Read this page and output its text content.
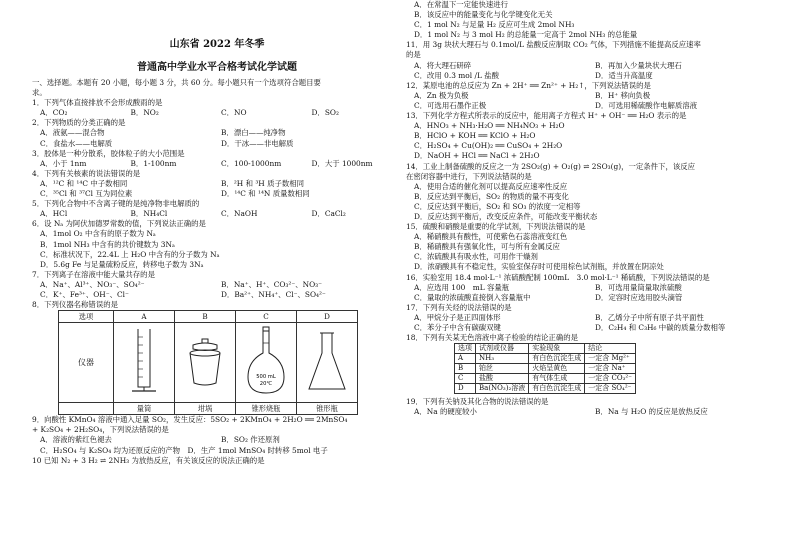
山东省 2022 年冬季
普通高中学业水平合格考试化学试题
一、选择题。本题有 20 小题，每小题 3 分，共 60 分。每小题只有一个选项符合题目要
求。
1．下列气体直接排放不会形成酸雨的是
A．CO₂	B．NO₂	C．NO	D．SO₂
2．下列物质的分类正确的是
A．液氨——混合物	B．漂白——纯净物
C．食盐水——电解质	D．干冰——非电解质
3．胶体是一种分散系，胶体粒子的大小范围是
A．小于 1nm	B．1-100nm	C．100-1000nm	D．大于 1000nm
4．下列有关核素的说法错误的是
A．¹²C 和 ¹⁴C 中子数相同	B．²H 和 ³H 质子数相同
C．³⁵Cl 和 ³⁷Cl 互为同位素	D．¹⁴C 和 ¹⁴N 质量数相同
5．下列化合物中不含离子键的是纯净物非电解质的
A．HCl	B．NH₄Cl	C．NaOH	D．CaCl₂
6．设 Nₐ 为阿伏加德罗常数的值，下列说法正确的是
A．1mol O₂ 中含有的原子数为 Nₐ
B．1mol NH₃ 中含有的共价键数为 3Nₐ
C．标准状况下，22.4L 上 H₂O 中含有的分子数为 Nₐ
D．5.6g Fe 与足量硫粉反应，转移电子数为 3Nₐ
7．下列离子在溶液中能大量共存的是
A．Na⁺、Al³⁺、NO₃⁻、SO₄²⁻	B．Na⁺、H⁺、CO₃²⁻、NO₃⁻
C．K⁺、Fe³⁺、OH⁻、Cl⁻	D．Ba²⁺、NH₄⁺、Cl⁻、SO₄²⁻
8．下列仪器名称错误的是
选项	A	B	C	D
仪器			500 mL
20℃

	量筒	坩埚	锥形烧瓶	锥形瓶
9．向酸性 KMnO₄ 溶液中通入足量 SO₂，发生反应：5SO₂ + 2KMnO₄ + 2H₂O ══ 2MnSO₄
+ K₂SO₄ + 2H₂SO₄，下列说法错误的是
A．溶液的紫红色褪去	B．SO₂ 作还原剂
C．H₂SO₄ 与 K₂SO₄ 均为还原反应的产物　D．生产 1mol MnSO₄ 时转移 5mol 电子
10 已知 N₂ + 3 H₂ ⇌ 2NH₃ 为放热反应，有关该反应的说法正确的是
A．在常温下一定能快速进行
B．该反应中的能量变化与化学键变化无关
C．1 mol N₂ 与足量 H₂ 反应可生成 2mol NH₃
D．1 mol N₂ 与 3 mol H₂ 的总能量一定高于 2mol NH₃ 的总能量
11．用 3g 块状大理石与 0.1mol/L 盐酸反应制取 CO₂ 气体，下列措施不能提高反应速率
的是
A．将大理石研碎	B．再加入少量块状大理石
C．改用 0.3 mol /L 盐酸	D．适当升高温度
12．某原电池的总反应为 Zn + 2H⁺ ══ Zn²⁺ + H₂↑，下列说法错误的是
A．Zn 极为负极	B．H⁺ 移向负极
C．可选用石墨作正极	D．可选用稀硫酸作电解质溶液
13．下列化学方程式所表示的反应中，能用离子方程式 H⁺ + OH⁻ ══ H₂O 表示的是
A．HNO₃ + NH₃·H₂O ══ NH₄NO₃ + H₂O
B．HClO + KOH ══ KClO + H₂O
C．H₂SO₄ + Cu(OH)₂ ══ CuSO₄ + 2H₂O
D．NaOH + HCl ══ NaCl + 2H₂O
14．工业上制备硫酸的反应之一为 2SO₂(g) + O₂(g) ⇌ 2SO₃(g)，一定条件下，该反应
在密闭容器中进行，下列说法错误的是
A．使用合适的催化剂可以提高反应速率性反应
B．反应达到平衡后，SO₂ 的物质的量不再变化
C．反应达到平衡后，SO₂ 和 SO₃ 的浓度一定相等
D．反应达到平衡后，改变反应条件，可能改变平衡状态
15．硫酸和硝酸是重要的化学试剂，下列说法错误的是
A．稀硝酸具有酸性，可使紫色石蕊溶液变红色
B．稀硝酸具有强氧化性，可与所有金属反应
C．浓硫酸具有吸水性，可用作干燥剂
D．浓硝酸具有不稳定性，实验室保存时可使用棕色试剂瓶，并放置在阴凉处
16．实验室用 18.4 mol·L⁻¹ 浓硫酸配制 100mL　3.0 mol·L⁻¹ 稀硫酸，下列说法错误的是
A．应选用 100　mL 容量瓶	B．可选用量筒量取浓硫酸
C．量取的浓硫酸直接倒入容量瓶中	D．定容时应选用胶头滴管
17．下列有关烃的说法错误的是
A．甲烷分子是正四面体形	B．乙烯分子中所有原子共平面性
C．苯分子中含有碳碳双键	D．C₂H₄ 和 C₃H₆ 中碳的质量分数相等
18．下列有关某无色溶液中离子检验的结论正确的是
选项	试剂或仪器	实验现象	结论
A	NH₃	有白色沉淀生成	一定含 Mg²⁺
B	铂丝	火焰呈黄色	一定含 Na⁺
C	盐酸	有气体生成	一定含 CO₃²⁻
D	Ba(NO₃)₂溶液	有白色沉淀生成	一定含 SO₄²⁻
19．下列有关钠及其化合物的说法错误的是
A．Na 的硬度较小	B．Na 与 H₂O 的反应是放热反应
